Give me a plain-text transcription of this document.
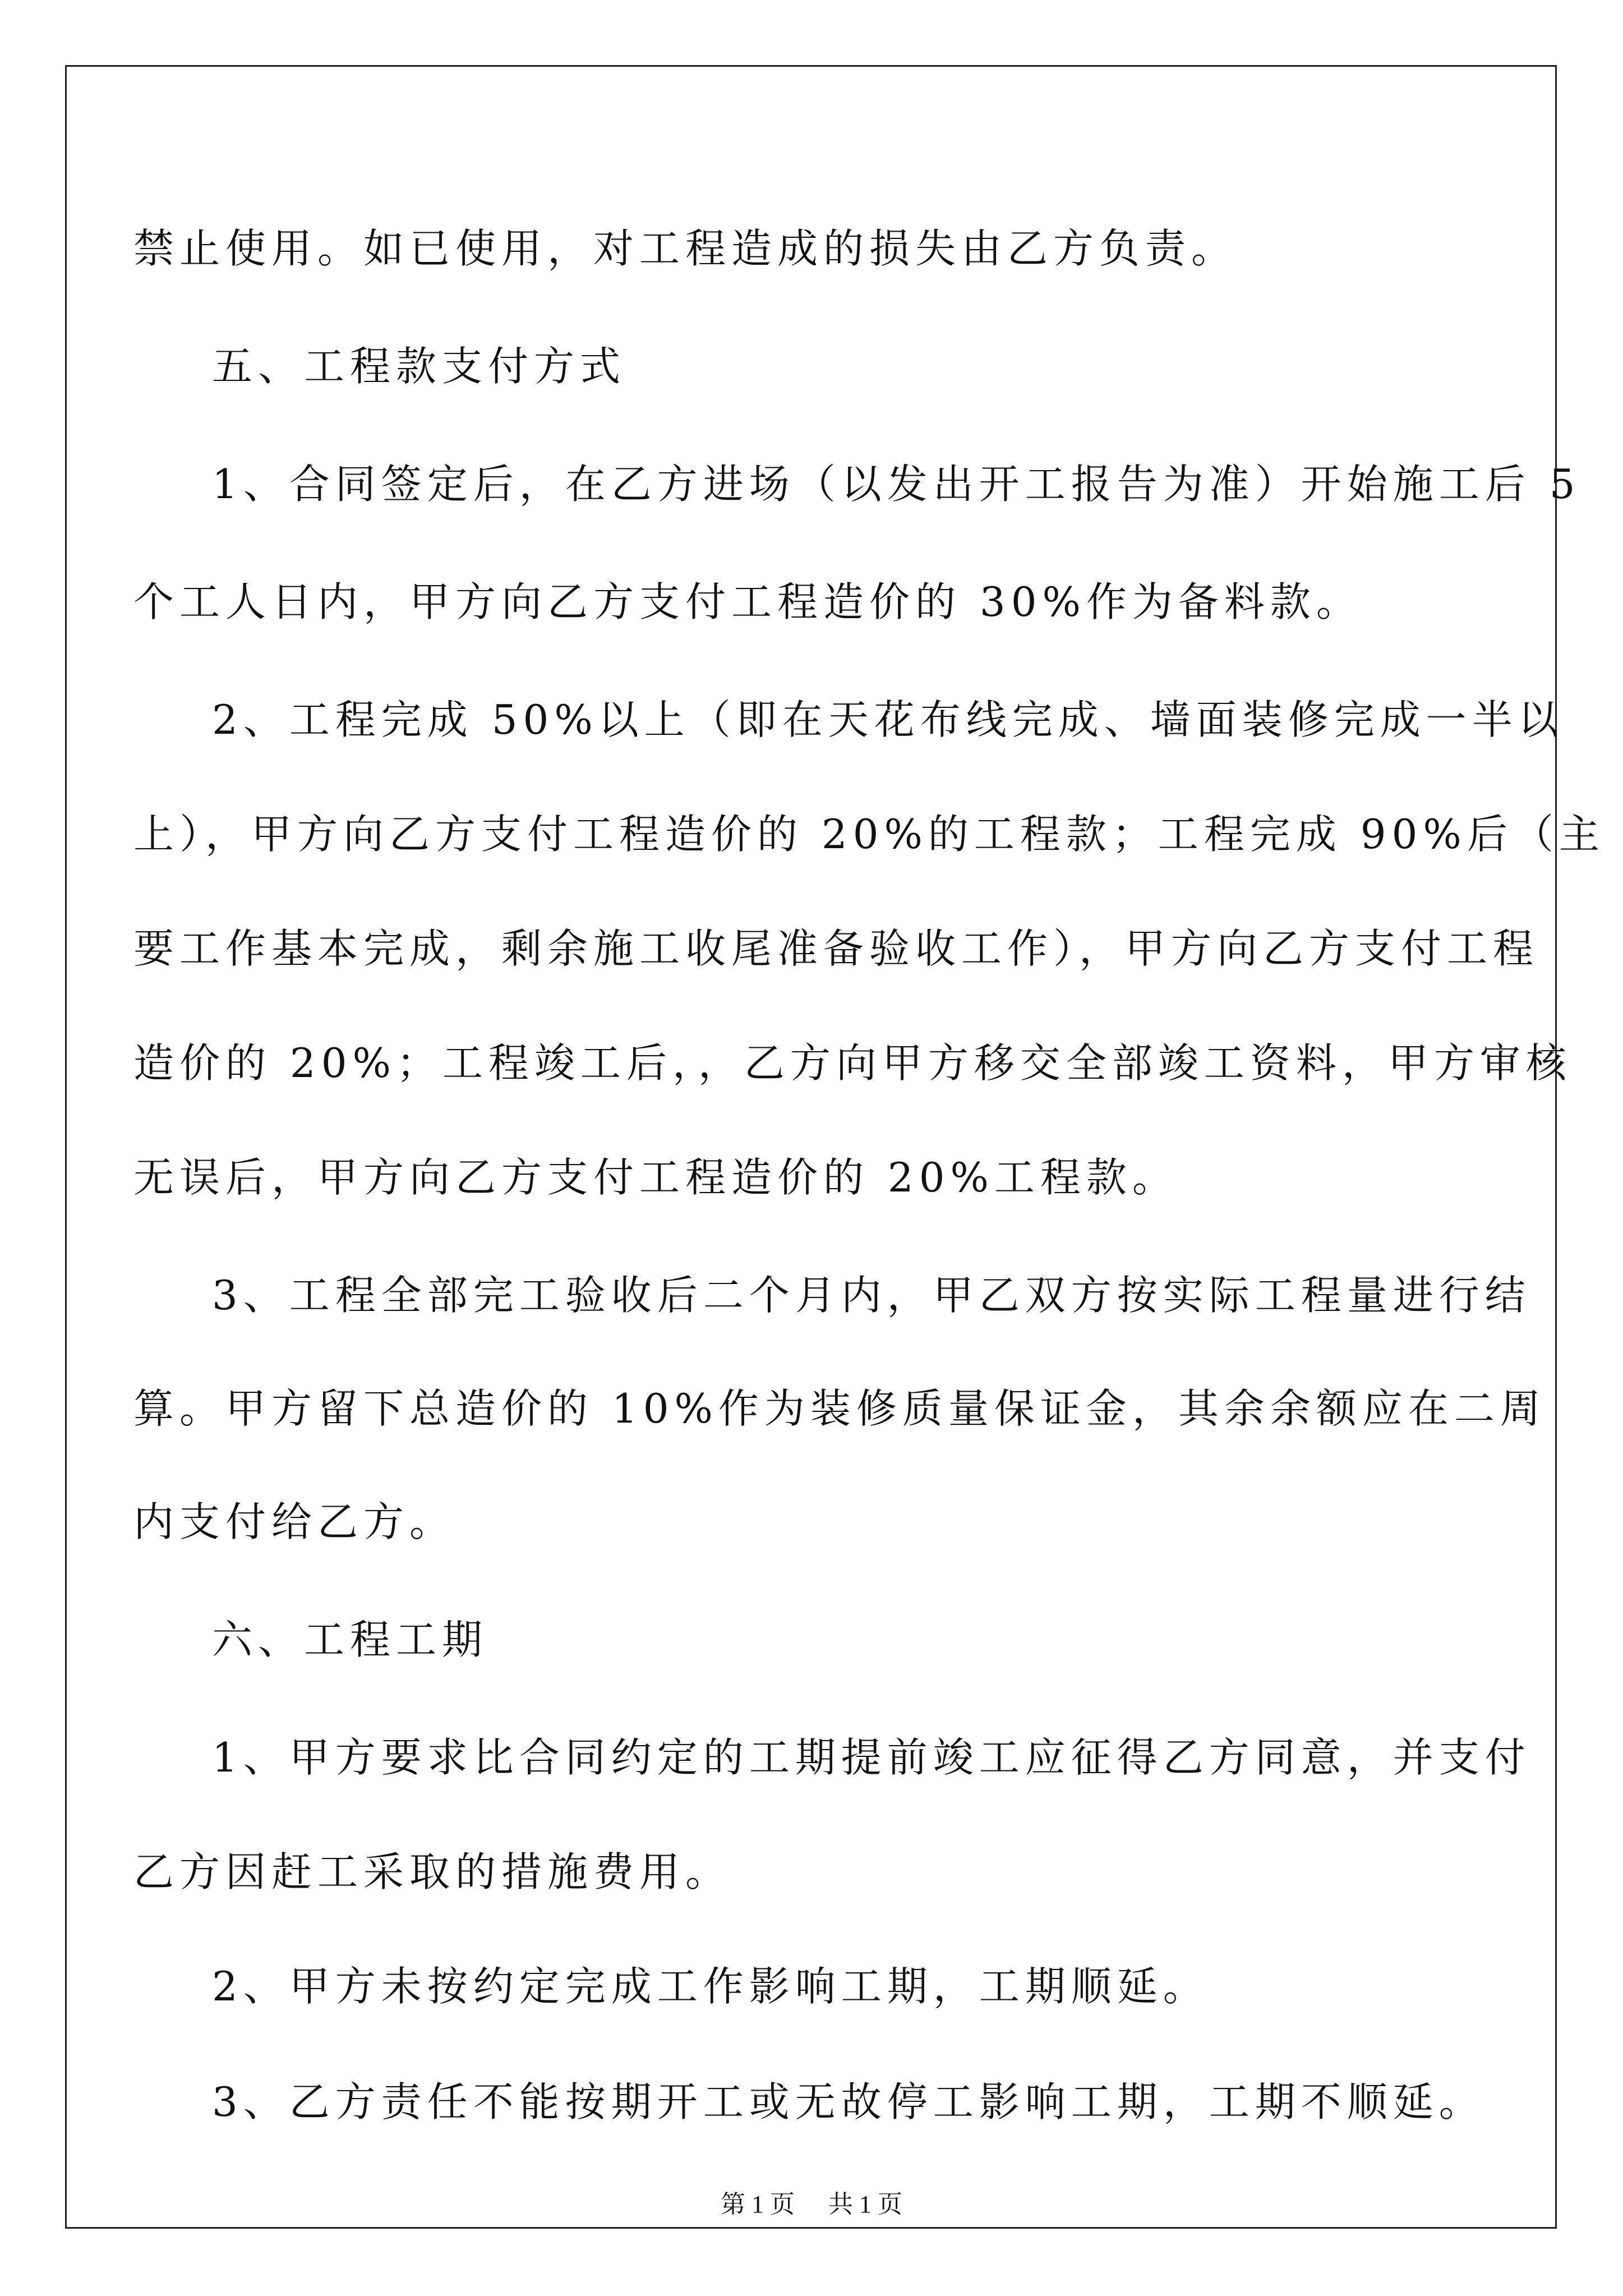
禁止使用。如已使用，对工程造成的损失由乙方负责。
五、工程款支付方式
1、合同签定后，在乙方进场（以发出开工报告为准）开始施工后 5
个工人日内，甲方向乙方支付工程造价的 30%作为备料款。
2、工程完成 50%以上（即在天花布线完成、墙面装修完成一半以
上），甲方向乙方支付工程造价的 20%的工程款；工程完成 90%后（主
要工作基本完成，剩余施工收尾准备验收工作），甲方向乙方支付工程
造价的 20%；工程竣工后，，乙方向甲方移交全部竣工资料，甲方审核
无误后，甲方向乙方支付工程造价的 20%工程款。
3、工程全部完工验收后二个月内，甲乙双方按实际工程量进行结
算。甲方留下总造价的 10%作为装修质量保证金，其余余额应在二周
内支付给乙方。
六、工程工期
1、甲方要求比合同约定的工期提前竣工应征得乙方同意，并支付
乙方因赶工采取的措施费用。
2、甲方未按约定完成工作影响工期，工期顺延。
3、乙方责任不能按期开工或无故停工影响工期，工期不顺延。
第 1 页 共 1 页
